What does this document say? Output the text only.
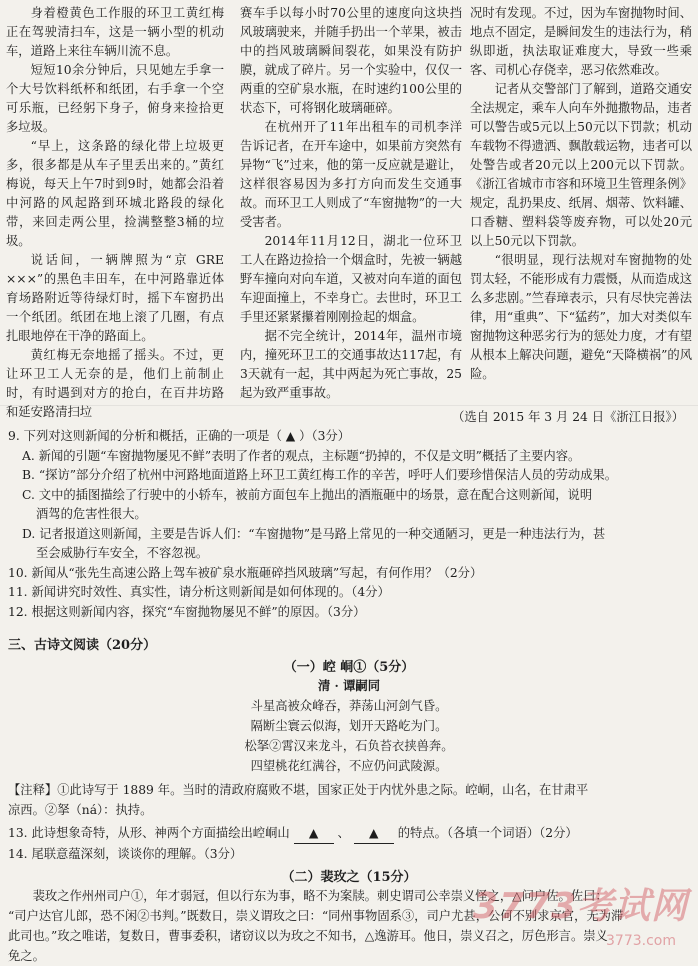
身着橙黄色工作服的环卫工黄红梅正在驾驶清扫车，这是一辆小型的机动车，道路上来往车辆川流不息。

短短10余分钟后，只见她左手拿一个大号饮料纸杯和纸团，右手拿一个空可乐瓶，已经躬下身子，俯身来捡拾更多垃圾。

“早上，这条路的绿化带上垃圾更多，很多都是从车子里丢出来的。”黄红梅说，每天上午7时到9时，她都会沿着中河路的风起路到环城北路段的绿化带，来回走两公里，捡满整整3桶的垃圾。

说话间，一辆牌照为“京 GRE ×××”的黑色丰田车，在中河路靠近体育场路附近等待绿灯时，摇下车窗扔出一个纸团。纸团在地上滚了几圈，有点扎眼地停在干净的路面上。

黄红梅无奈地摇了摇头。不过，更让环卫工人无奈的是，他们上前制止时，有时遇到对方的抢白，在百井坊路和延安路清扫垃

赛车手以每小时70公里的速度向这块挡风玻璃驶来，并随手扔出一个苹果，被击中的挡风玻璃瞬间裂花，如果没有防护膜，就成了碎片。另一个实验中，仅仅一两重的空矿泉水瓶，在时速约100公里的状态下，可将钢化玻璃砸碎。

在杭州开了11年出租车的司机李洋告诉记者，在开车途中，如果前方突然有异物“飞”过来，他的第一反应就是避让，这样很容易因为多打方向而发生交通事故。而环卫工人则成了“车窗抛物”的一大受害者。

2014年11月12日，湖北一位环卫工人在路边捡拾一个烟盒时，先被一辆越野车撞向对向车道，又被对向车道的面包车迎面撞上，不幸身亡。去世时，环卫工手里还紧紧攥着刚刚捡起的烟盒。

据不完全统计，2014年，温州市境内，撞死环卫工的交通事故达117起，有3天就有一起，其中两起为死亡事故，25起为致严重事故。

况时有发现。不过，因为车窗抛物时间、地点不固定，是瞬间发生的违法行为，稍纵即逝，执法取证难度大，导致一些乘客、司机心存侥幸，恶习依然难改。

记者从交警部门了解到，道路交通安全法规定，乘车人向车外抛撒物品，违者可以警告或5元以上50元以下罚款；机动车载物不得遗洒、飘散载运物，违者可以处警告或者20元以上200元以下罚款。《浙江省城市市容和环境卫生管理条例》规定，乱扔果皮、纸屑、烟蒂、饮料罐、口香糖、塑料袋等废弃物，可以处20元以上50元以下罚款。

“很明显，现行法规对车窗抛物的处罚太轻，不能形成有力震慑，从而造成这么多悲剧。”竺春璋表示，只有尽快完善法律，用“重典”、下“猛药”，加大对类似车窗抛物这种恶劣行为的惩处力度，才有望从根本上解决问题，避免“天降横祸”的风险。

（选自 2015 年 3 月 24 日《浙江日报》）

9. 下列对这则新闻的分析和概括，正确的一项是（ ▲ ）（3分）

A. 新闻的引题“车窗抛物屡见不鲜”表明了作者的观点，主标题“扔掉的，不仅是文明”概括了主要内容。

B. “探访”部分介绍了杭州中河路地面道路上环卫工黄红梅工作的辛苦，呼吁人们要珍惜保洁人员的劳动成果。

C. 文中的插图描绘了行驶中的小轿车，被前方面包车上抛出的酒瓶砸中的场景，意在配合这则新闻，说明

酒驾的危害性很大。

D. 记者报道这则新闻，主要是告诉人们：“车窗抛物”是马路上常见的一种交通陋习，更是一种违法行为，甚

至会威胁行车安全，不容忽视。

10. 新闻从“张先生高速公路上驾车被矿泉水瓶砸碎挡风玻璃”写起，有何作用？（2分）

11. 新闻讲究时效性、真实性，请分析这则新闻是如何体现的。（4分）

12. 根据这则新闻内容，探究“车窗抛物屡见不鲜”的原因。（3分）

三、古诗文阅读（20分）
（一）崆 峒①（5分）
清 · 谭嗣同
斗星高被众峰吞，莽荡山河剑气昏。
隔断尘寰云似海，划开天路屹为门。
松拏②霄汉来龙斗，石负苔衣挟兽奔。
四望桃花红满谷，不应仍问武陵源。

【注释】①此诗写于 1889 年。当时的清政府腐败不堪，国家正处于内忧外患之际。崆峒，山名，在甘肃平

凉西。②拏（ná）：执持。

13. 此诗想象奇特，从形、神两个方面描绘出崆峒山 ▲ 、 ▲ 的特点。（各填一个词语）（2分）

14. 尾联意蕴深刻，谈谈你的理解。（3分）

（二）裴玫之（15分）

裴玫之作州州司户①，年才弱冠，但以行东为事，略不为案牍。刺史谓司公幸崇义怪之，△问户佐。佐曰：

“司户达官儿郎，恐不闲②书判。”既数日，崇义谓玫之曰：“同州事物固系③，司户尤甚，公何不别求京官，无为滞

此司也。”玫之唯诺，复数日，曹事委积，诸窃议以为玫之不知书，△逸游耳。他日，崇义召之，厉色形言。崇义

免之。

3773考试网
3773.com
